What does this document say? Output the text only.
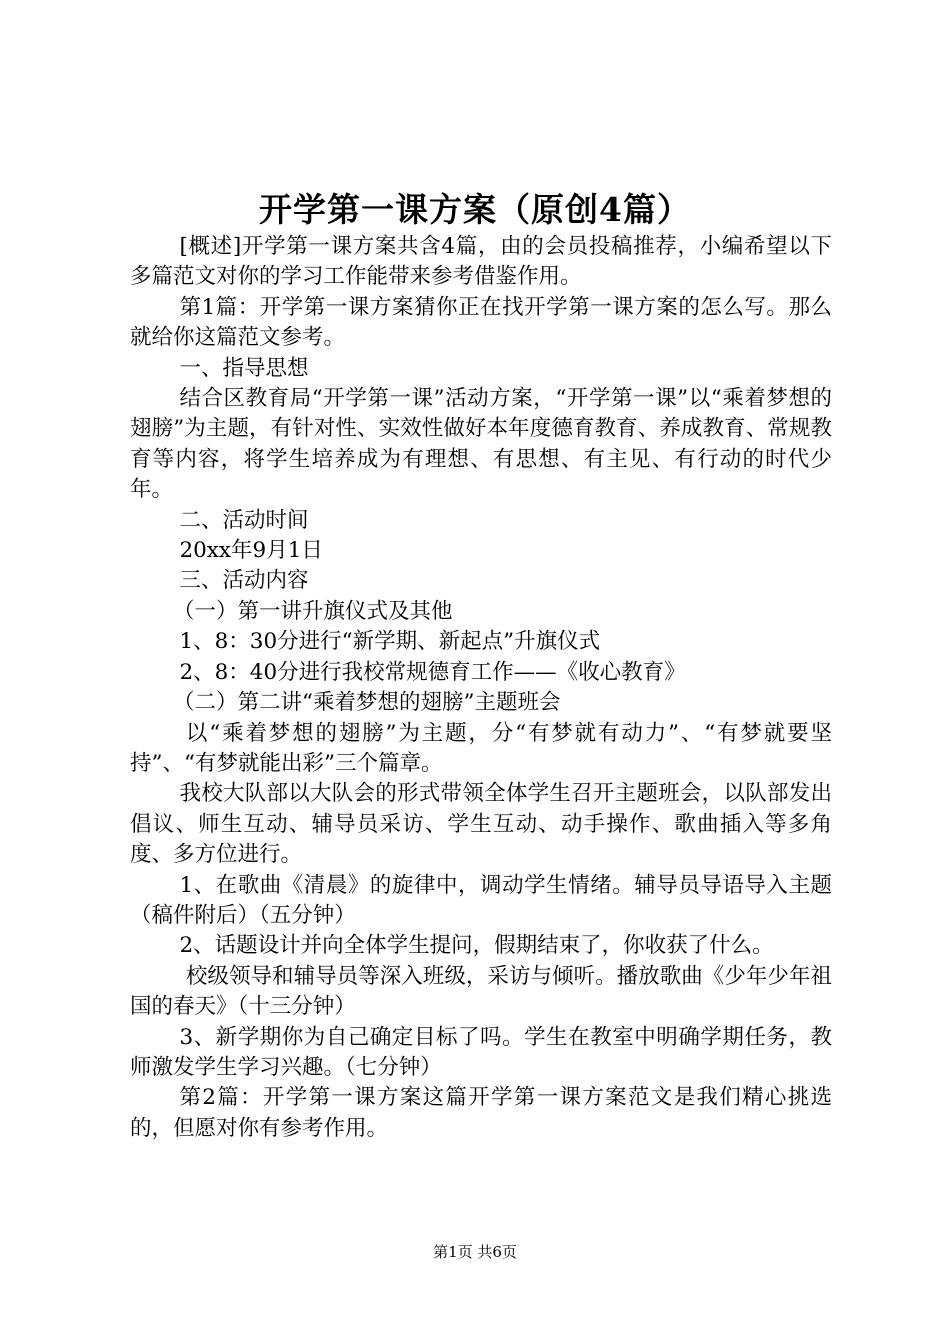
开学第一课方案（原创4篇）

[概述]开学第一课方案共含4篇，由的会员投稿推荐，小编希望以下多篇范文对你的学习工作能带来参考借鉴作用。

第1篇：开学第一课方案猜你正在找开学第一课方案的怎么写。那么就给你这篇范文参考。

一、指导思想

结合区教育局“开学第一课”活动方案，“开学第一课”以“乘着梦想的翅膀”为主题，有针对性、实效性做好本年度德育教育、养成教育、常规教育等内容，将学生培养成为有理想、有思想、有主见、有行动的时代少年。

二、活动时间

20xx年9月1日

三、活动内容

（一）第一讲升旗仪式及其他

1、8：30分进行“新学期、新起点”升旗仪式

2、8：40分进行我校常规德育工作——《收心教育》

（二）第二讲“乘着梦想的翅膀”主题班会

以“乘着梦想的翅膀”为主题，分“有梦就有动力”、“有梦就要坚持”、“有梦就能出彩”三个篇章。

我校大队部以大队会的形式带领全体学生召开主题班会，以队部发出倡议、师生互动、辅导员采访、学生互动、动手操作、歌曲插入等多角度、多方位进行。

1、在歌曲《清晨》的旋律中，调动学生情绪。辅导员导语导入主题（稿件附后）（五分钟）

2、话题设计并向全体学生提问，假期结束了，你收获了什么。

校级领导和辅导员等深入班级，采访与倾听。播放歌曲《少年少年祖国的春天》（十三分钟）

3、新学期你为自己确定目标了吗。学生在教室中明确学期任务，教师激发学生学习兴趣。（七分钟）

第2篇：开学第一课方案这篇开学第一课方案范文是我们精心挑选的，但愿对你有参考作用。

第1页 共6页
